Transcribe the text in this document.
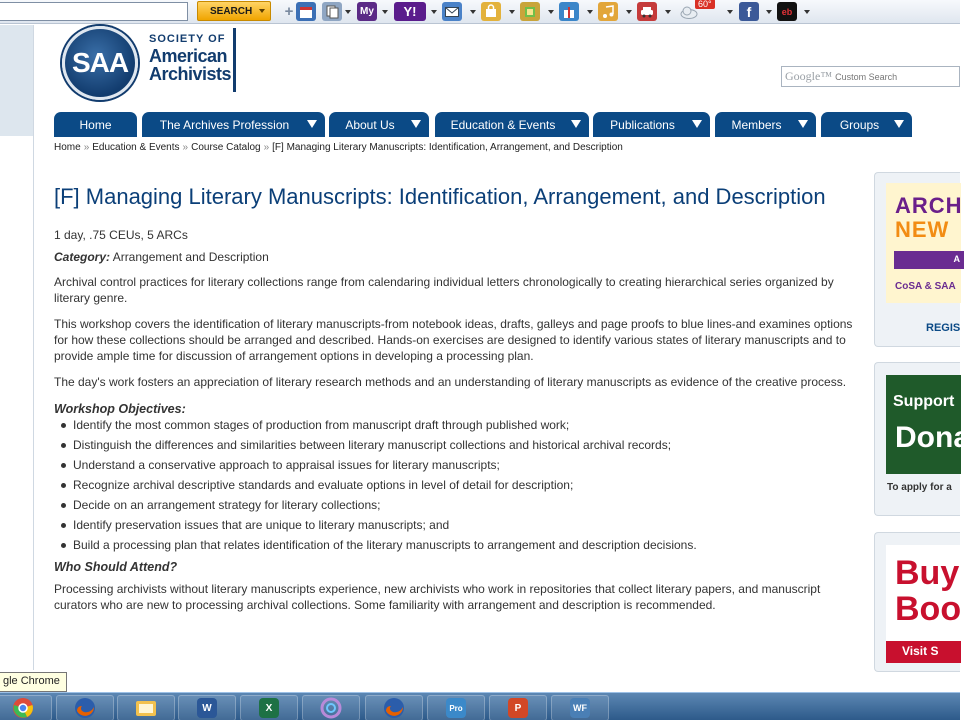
SEARCH	+	My	Y!	60°	f	eb
SAA
SOCIETY OF
American
Archivists	Google™ Custom Search
Home	The Archives Profession	About Us	Education & Events	Publications	Members	Groups
Home » Education & Events » Course Catalog » [F] Managing Literary Manuscripts: Identification, Arrangement, and Description
[F] Managing Literary Manuscripts: Identification, Arrangement, and Description

1 day, .75 CEUs, 5 ARCs

Category: Arrangement and Description

Archival control practices for literary collections range from calendaring individual letters chronologically to creating hierarchical series organized by literary genre.

This workshop covers the identification of literary manuscripts-from notebook ideas, drafts, galleys and page proofs to blue lines-and examines options for how these collections should be arranged and described. Hands-on exercises are designed to identify various states of literary manuscripts and to provide ample time for discussion of arrangement options in developing a processing plan.

The day's work fosters an appreciation of literary research methods and an understanding of literary manuscripts as evidence of the creative process.

Workshop Objectives:

Identify the most common stages of production from manuscript draft through published work;
Distinguish the differences and similarities between literary manuscript collections and historical archival records;
Understand a conservative approach to appraisal issues for literary manuscripts;
Recognize archival descriptive standards and evaluate options in level of detail for description;
Decide on an arrangement strategy for literary collections;
Identify preservation issues that are unique to literary manuscripts; and
Build a processing plan that relates identification of the literary manuscripts to arrangement and description decisions.

Who Should Attend?

Processing archivists without literary manuscripts experience, new archivists who work in repositories that collect literary papers, and manuscript curators who are new to processing archival collections. Some familiarity with arrangement and description is recommended.

ARCH
NEW
A
CoSA & SAA
REGIS
Support
Dona
To apply for a
Buy
Boo
Visit S
gle Chrome
W	X	Pro	P	WF
